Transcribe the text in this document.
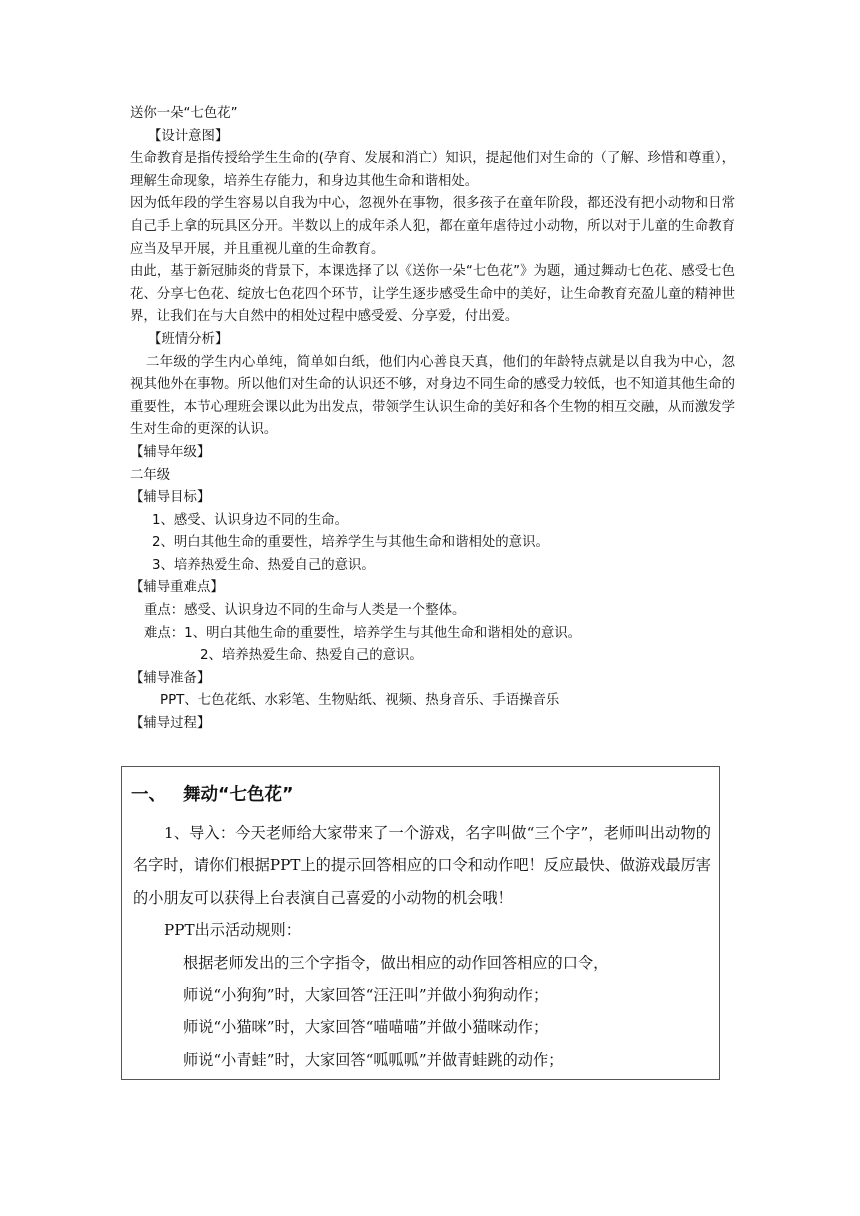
送你一朵“七色花”
【设计意图】
生命教育是指传授给学生生命的(孕育、发展和消亡）知识，提起他们对生命的（了解、珍惜和尊重），理解生命现象，培养生存能力，和身边其他生命和谐相处。
因为低年段的学生容易以自我为中心，忽视外在事物，很多孩子在童年阶段，都还没有把小动物和日常自己手上拿的玩具区分开。半数以上的成年杀人犯，都在童年虐待过小动物，所以对于儿童的生命教育应当及早开展，并且重视儿童的生命教育。
由此，基于新冠肺炎的背景下，本课选择了以《送你一朵“七色花”》为题，通过舞动七色花、感受七色花、分享七色花、绽放七色花四个环节，让学生逐步感受生命中的美好，让生命教育充盈儿童的精神世界，让我们在与大自然中的相处过程中感受爱、分享爱，付出爱。
【班情分析】
二年级的学生内心单纯，简单如白纸，他们内心善良天真，他们的年龄特点就是以自我为中心，忽视其他外在事物。所以他们对生命的认识还不够，对身边不同生命的感受力较低，也不知道其他生命的重要性，本节心理班会课以此为出发点，带领学生认识生命的美好和各个生物的相互交融，从而激发学生对生命的更深的认识。
【辅导年级】
二年级
【辅导目标】
1、感受、认识身边不同的生命。
2、明白其他生命的重要性，培养学生与其他生命和谐相处的意识。
3、培养热爱生命、热爱自己的意识。
【辅导重难点】
重点：感受、认识身边不同的生命与人类是一个整体。
难点：1、明白其他生命的重要性，培养学生与其他生命和谐相处的意识。
2、培养热爱生命、热爱自己的意识。
【辅导准备】
PPT、七色花纸、水彩笔、生物贴纸、视频、热身音乐、手语操音乐
【辅导过程】
一、 舞动“七色花”
1、导入：今天老师给大家带来了一个游戏，名字叫做“三个字”，老师叫出动物的名字时，请你们根据PPT上的提示回答相应的口令和动作吧！反应最快、做游戏最厉害的小朋友可以获得上台表演自己喜爱的小动物的机会哦！
PPT出示活动规则：
根据老师发出的三个字指令，做出相应的动作回答相应的口令，
师说“小狗狗”时，大家回答“汪汪叫”并做小狗狗动作；
师说“小猫咪”时，大家回答“喵喵喵”并做小猫咪动作；
师说“小青蛙”时，大家回答“呱呱呱”并做青蛙跳的动作；
